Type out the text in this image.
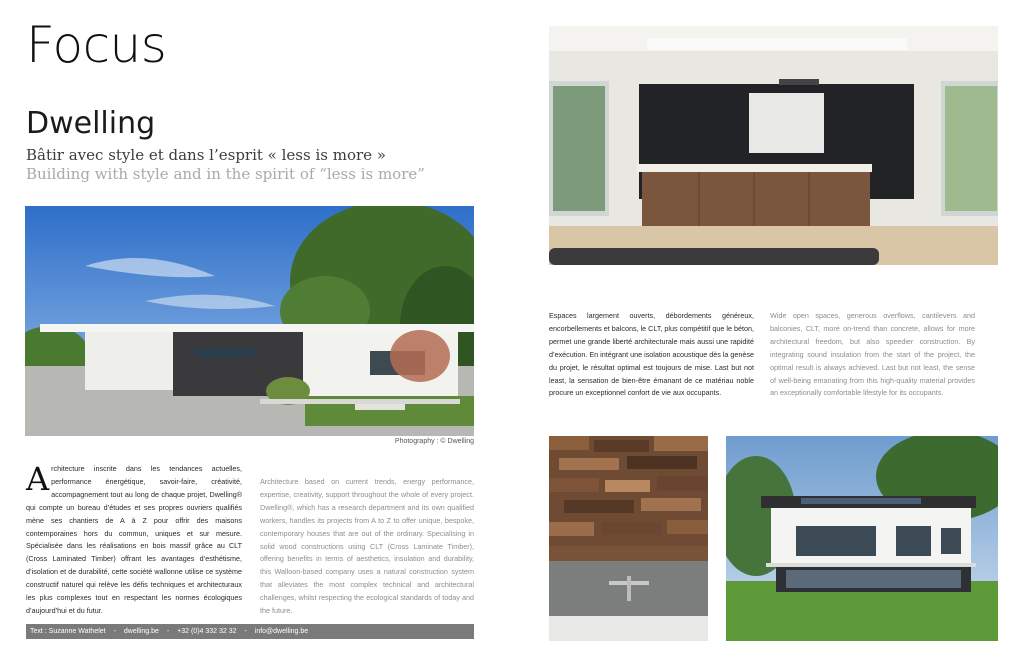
Focus
Dwelling
Bâtir avec style et dans l’esprit « less is more »
Building with style and in the spirit of “less is more”
Photography : © Dwelling
Architecture inscrite dans les tendances actuelles, performance énergétique, savoir-faire, créativité, accompagnement tout au long de chaque projet, Dwelling® qui compte un bureau d’études et ses propres ouvriers qualifiés mène ses chantiers de A à Z pour offrir des maisons contemporaines hors du commun, uniques et sur mesure. Spécialisée dans les réalisations en bois massif grâce au CLT (Cross Laminated Timber) offrant les avantages d’esthétisme, d’isolation et de durabilité, cette société wallonne utilise ce système constructif naturel qui relève les défis techniques et architecturaux les plus complexes tout en respectant les normes écologiques d’aujourd’hui et du futur.
Architecture based on current trends, energy performance, expertise, creativity, support throughout the whole of every project. Dwelling®, which has a research department and its own qualified workers, handles its projects from A to Z to offer unique, bespoke, contemporary houses that are out of the ordinary. Specialising in solid wood constructions using CLT (Cross Laminate Timber), offering benefits in terms of aesthetics, insulation and durability, this Walloon-based company uses a natural construction system that alleviates the most complex technical and architectural challenges, whilst respecting the ecological standards of today and the future.
Text : Suzanne Wathelet - dwelling.be - +32 (0)4 332 32 32 - info@dwelling.be
Espaces largement ouverts, débordements généreux, encorbellements et balcons, le CLT, plus compétitif que le béton, permet une grande liberté architecturale mais aussi une rapidité d’exécution. En intégrant une isolation acoustique dès la genèse du projet, le résultat optimal est toujours de mise. Last but not least, la sensation de bien-être émanant de ce matériau noble procure un exceptionnel confort de vie aux occupants.
Wide open spaces, generous overflows, cantilevers and balconies, CLT, more on-trend than concrete, allows for more architectural freedom, but also speedier construction. By integrating sound insulation from the start of the project, the optimal result is always achieved. Last but not least, the sense of well-being emanating from this high-quality material provides an exceptionally comfortable lifestyle for its occupants.
